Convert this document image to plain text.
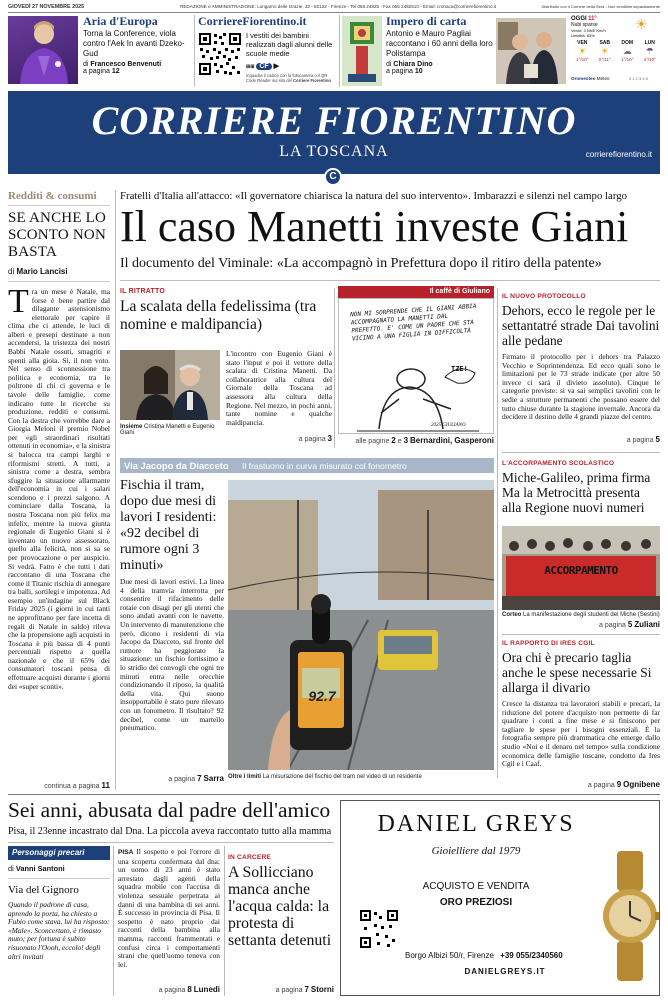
GIOVEDÌ 27 NOVEMBRE 2025	REDAZIONE e AMMINISTRAZIONE: Lungarno delle Grazie, 22 - 50122 - Firenze - Tel 055 24825 - Fax 055 2482510 - Email: cronaca@corrierefiorentino.it	Distribuito con il Corriere della Sera - Non vendibile separatamente
Aria d'Europa
Torna la Conference, viola contro l'Aek In avanti Dzeko-Gud
di Francesco Benvenuti
a pagina 12
CorriereFiorentino.it
I vestiti dei bambini realizzati dagli alunni delle scuole medie
⊞⊞ CF ▶
Inquadra il codice con la fotocamera o il QR Code Reader sul sito del Corriere Fiorentino
Impero di carta
Antonio e Mauro Pagliai raccontano i 60 anni della loro Polistampa
di Chiara Dino
a pagina 10
OGGI 11°
Nubi sparse
Vento: 3 NNE Km/h
Umidità: 83%
☀
VEN
☀
1°/10°
SAB
☀
0°/11°
DOM
☁
1°/10°
LUN
☂
4°/10°
Oromeoteo Meteo	0 1 2 3 4 5
CORRIERE FIORENTINO
LA TOSCANA	corrierefiorentino.it
C
Redditi & consumi
SE ANCHE LO SCONTO NON BASTA
di Mario Lancisi
T ra un mese è Natale, ma forse è bene partire dal dilagante astensionismo elettorale per capire il clima che ci attende, le luci di alberi e presepi destinate a non accendersi, la tristezza dei nostri Babbi Natale ossuti, smagriti e spenti alla gioia. Sì, il non voto. Nel senso di sconnessione tra politica e economia, tra le poltrone di chi ci governa e le tavole delle famiglie, come indicano tutte le ricerche su produzione, redditi e consumi. Con la destra che vorrebbe dare a Giorgia Meloni il premio Nobel per «gli straordinari risultati ottenuti in economia», e la sinistra si balocca tra campi larghi e riformismi stretti. A tutti, a sinistra come a destra, sembra sfuggire la situazione allarmante dell'economia in cui i salari scendono e i prezzi salgono. A cominciare dalla Toscana, la nostra Toscana non più felix ma infelix, mentre la nuova giunta regionale di Eugenio Giani si è inventato un nuovo assessorato, quello alla felicità, non si sa se per provocazione o per auspicio. Si vedrà. Fatto è che tutti i dati raccontano di una Toscana che come il Titanic rischia di annegare tra balli, sortilegi e impotenza. Ad esempio un'indagine sul Black Friday 2025 (i giorni in cui tanti ne approfittano per fare incetta di regali di Natale in saldo) rileva che la propensione agli acquisti in Toscana è più bassa di 4 punti percentuali rispetto a quella nazionale e che il 65% dei consumatori toscani pensa di effettuare acquisti durante i giorni dei «super sconti».

continua a pagina 11
Fratelli d'Italia all'attacco: «Il governatore chiarisca la natura del suo intervento». Imbarazzi e silenzi nel campo largo
Il caso Manetti investe Giani
Il documento del Viminale: «La accompagnò in Prefettura dopo il ritiro della patente»
IL RITRATTO
La scalata della fedelissima (tra nomine e maldipancia)
Insieme Cristina Manetti e Eugenio Giani

L'incontro con Eugenio Giani è stato l'input e poi il vettore della scalata di Cristina Manetti. Da collaboratrice alla cultura del Giornale della Toscana ad assessora alla cultura della Regione. Nel mezzo, in pochi anni, tante nomine e qualche maldipancia.

a pagina 3
Il caffè di Giuliano
NON MI SORPRENDE CHE IL GIANI ABBIA ACCOMPAGNATO LA MANETTI DAL PREFETTO. E' COME UN PADRE CHE STA VICINO A UNA FIGLIA IN DIFFICOLTÀ
TZE!
2025 GIULIANO
alle pagine 2 e 3 Bernardini, Gasperoni
IL NUOVO PROTOCOLLO
Dehors, ecco le regole per le settantatré strade Dai tavolini alle pedane

Firmato il protocollo per i dehors tra Palazzo Vecchio e Soprintendenza. Ed ecco quali sono le limitazioni per le 73 strade indicate (per altre 50 invece ci sarà il divieto assoluto). Cinque le categorie previste: si va sai semplici tavolini con le sedie a strutture permanenti che possano essere del tutto chiuse durante la stagione invernale. Ancora da decidere il destino delle 4 grandi piazze del centro.

a pagina 5
Via Jacopo da Diacceto Il frastuono in curva misurato col fonometro
Fischia il tram, dopo due mesi di lavori I residenti: «92 decibel di rumore ogni 3 minuti»

Due mesi di lavori estivi. La linea 4 della tramvia interrotta per consentire il rifacimento delle rotaie con disagi per gli utenti che sono andati avanti con le navette. Un intervento di manutenzione che però, dicono i residenti di via Jacopo da Diacceto, sul fronte del rumore ha peggiorato la situazione: un fischio fortissimo e lo stridìo dei convogli che ogni tre minuti entra nelle orecchie condizionando il riposo, la qualità della vita. Qui suono insopportabile è stato pure rilevato con un fonometro. Il risultato? 92 decibel, come un martello pneumatico.

a pagina 7 Sarra
92.7
Oltre i limiti La misurazione del fischio del tram nel video di un residente
L'ACCORPAMENTO SCOLASTICO
Miche-Galileo, prima firma Ma la Metrocittà presenta alla Regione nuovi numeri
ACCORPAMENTO
Corteo La manifestazione degli studenti del Miche (Sestini)
a pagina 5 Zuliani
IL RAPPORTO DI IRES CGIL
Ora chi è precario taglia anche le spese necessarie Si allarga il divario

Cresce la distanza tra lavoratori stabili e precari, la riduzione del potere d'acquisto non permette di far quadrare i conti a fine mese e si finiscono per tagliare le spese per i bisogni essenziali. È la fotografia sempre più drammatica che emerge dallo studio «Noi e il denaro nel tempo» sulla condizione economica delle famiglie toscane, condotto da Ires Cgil e i Caaf.

a pagina 9 Ognibene
Sei anni, abusata dal padre dell'amico
Pisa, il 23enne incastrato dal Dna. La piccola aveva raccontato tutto alla mamma
Personaggi precari
di Vanni Santoni
Via del Gignoro

Quando il padrone di casa, aprendo la porta, ha chiesto a Fubio come stava, lui ha risposto: «Male». Sconcertato, è rimasto muto; per fortuna è subito risuonato l'Oooh, eccolo! degli altri invitati

PISA Il sospetto e poi l'orrore di una scoperta confermata dal dna: un uomo di 23 anni è stato arrestato dagli agenti della squadra mobile con l'accusa di violenza sessuale perpetrata ai danni di una bambina di sei anni. È successo in provincia di Pisa. Il sospetto è nato proprio dai racconti della bambina alla mamma, racconti frammentati e confusi circa i comportamenti strani che quell'uomo teneva con lei.

a pagina 8 Lunedì
IN CARCERE
A Sollicciano manca anche l'acqua calda: la protesta di settanta detenuti
a pagina 7 Storni
DANIEL GREYS
Gioielliere dal 1979
ACQUISTO E VENDITA
ORO PREZIOSI
Borgo Albizi 50/r, Firenze +39 055/2340560
DANIELGREYS.IT
